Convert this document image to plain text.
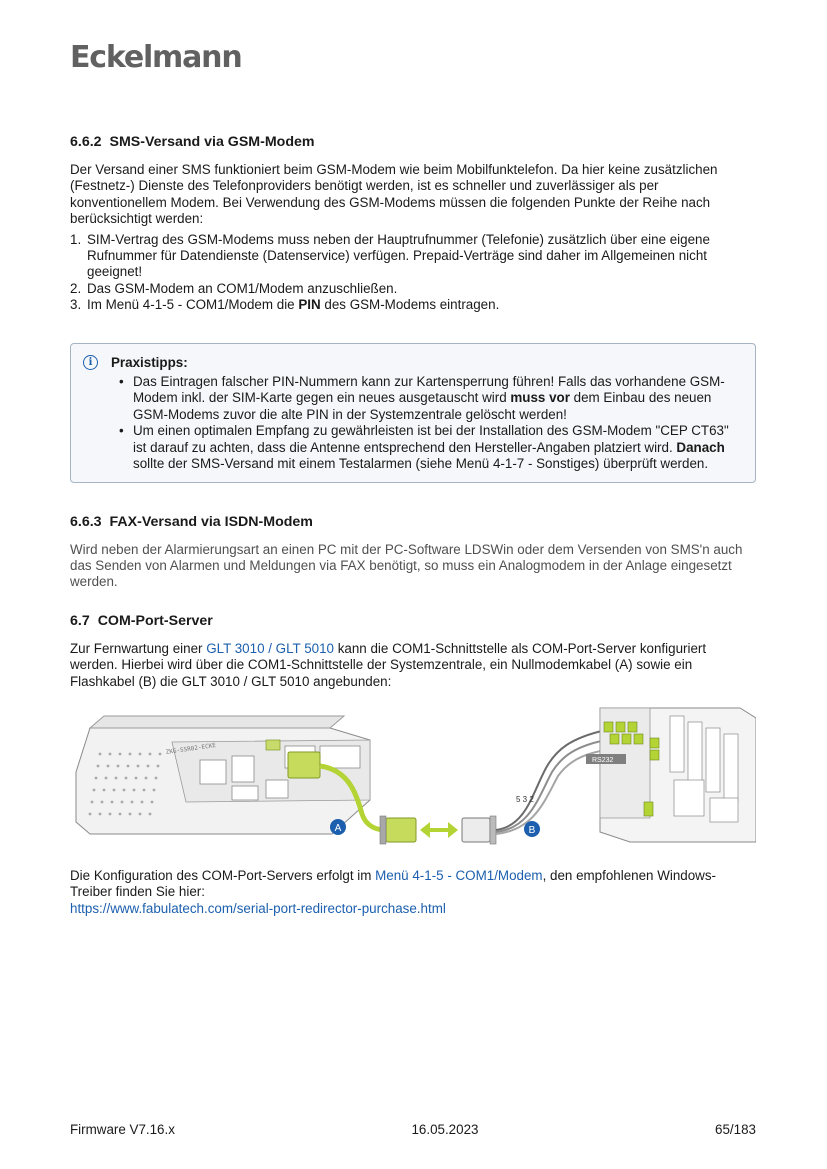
Eckelmann
6.6.2 SMS-Versand via GSM-Modem

Der Versand einer SMS funktioniert beim GSM-Modem wie beim Mobilfunktelefon. Da hier keine zusätzlichen (Festnetz-) Dienste des Telefonproviders benötigt werden, ist es schneller und zuverlässiger als per konventionellem Modem. Bei Verwendung des GSM-Modems müssen die folgenden Punkte der Reihe nach berücksichtigt werden:

1. SIM-Vertrag des GSM-Modems muss neben der Hauptrufnummer (Telefonie) zusätzlich über eine eigene Rufnummer für Datendienste (Datenservice) verfügen. Prepaid-Verträge sind daher im Allgemeinen nicht geeignet!
2. Das GSM-Modem an COM1/Modem anzuschließen.
3. Im Menü 4-1-5 - COM1/Modem die PIN des GSM-Modems eintragen.
i	Praxistipps:
• Das Eintragen falscher PIN-Nummern kann zur Kartensperrung führen! Falls das vorhandene GSM-Modem inkl. der SIM-Karte gegen ein neues ausgetauscht wird muss vor dem Einbau des neuen GSM-Modems zuvor die alte PIN in der Systemzentrale gelöscht werden!
• Um einen optimalen Empfang zu gewährleisten ist bei der Installation des GSM-Modem "CEP CT63" ist darauf zu achten, dass die Antenne entsprechend den Hersteller-Angaben platziert wird. Danach sollte der SMS-Versand mit einem Testalarmen (siehe Menü 4-1-7 - Sonstiges) überprüft werden.
6.6.3 FAX-Versand via ISDN-Modem

Wird neben der Alarmierungsart an einen PC mit der PC-Software LDSWin oder dem Versenden von SMS'n auch das Senden von Alarmen und Meldungen via FAX benötigt, so muss ein Analogmodem in der Anlage eingesetzt werden.

6.7 COM-Port-Server

Zur Fernwartung einer GLT 3010 / GLT 5010 kann die COM1-Schnittstelle als COM-Port-Server konfiguriert werden. Hierbei wird über die COM1-Schnittstelle der Systemzentrale, ein Nullmodemkabel (A) sowie ein Flashkabel (B) die GLT 3010 / GLT 5010 angebunden:

ZKG-SSR02-ECKE
A	B
RS232
5 3 2

Die Konfiguration des COM-Port-Servers erfolgt im Menü 4-1-5 - COM1/Modem, den empfohlenen Windows-Treiber finden Sie hier:

https://www.fabulatech.com/serial-port-redirector-purchase.html

Firmware V7.16.x	16.05.2023	65/183
